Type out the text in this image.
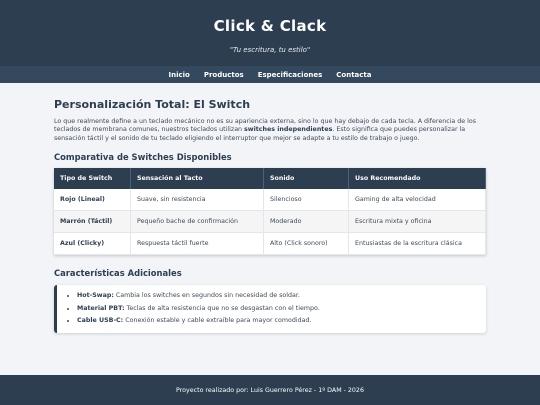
Click & Clack
"Tu escritura, tu estilo"
Inicio Productos Especificaciones Contacta
Personalización Total: El Switch

Lo que realmente define a un teclado mecánico no es su apariencia externa, sino lo que hay debajo de cada tecla. A diferencia de los teclados de membrana comunes, nuestros teclados utilizan switches independientes. Esto significa que puedes personalizar la sensación táctil y el sonido de tu teclado eligiendo el interruptor que mejor se adapte a tu estilo de trabajo o juego.

Comparativa de Switches Disponibles
Tipo de Switch	Sensación al Tacto	Sonido	Uso Recomendado
Rojo (Lineal)	Suave, sin resistencia	Silencioso	Gaming de alta velocidad
Marrón (Táctil)	Pequeño bache de confirmación	Moderado	Escritura mixta y oficina
Azul (Clicky)	Respuesta táctil fuerte	Alto (Click sonoro)	Entusiastas de la escritura clásica
Características Adicionales
• Hot-Swap: Cambia los switches en segundos sin necesidad de soldar.
• Material PBT: Teclas de alta resistencia que no se desgastan con el tiempo.
• Cable USB-C: Conexión estable y cable extraíble para mayor comodidad.
Proyecto realizado por: Luis Guerrero Pérez - 1º DAM - 2026
